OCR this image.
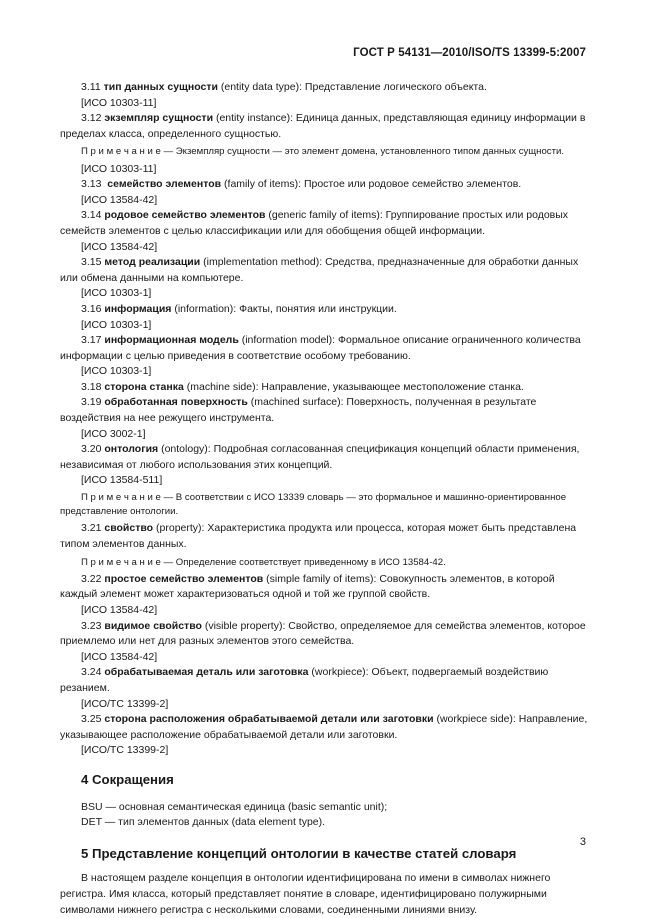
ГОСТ Р 54131—2010/ISO/TS 13399-5:2007

3.11 тип данных сущности (entity data type): Представление логического объекта.

[ИСО 10303-11]

3.12 экземпляр сущности (entity instance): Единица данных, представляющая единицу информации в пределах класса, определенного сущностью.

П р и м е ч а н и е — Экземпляр сущности — это элемент домена, установленного типом данных сущности.

[ИСО 10303-11]

3.13 семейство элементов (family of items): Простое или родовое семейство элементов.

[ИСО 13584-42]

3.14 родовое семейство элементов (generic family of items): Группирование простых или родовых семейств элементов с целью классификации или для обобщения общей информации.

[ИСО 13584-42]

3.15 метод реализации (implementation method): Средства, предназначенные для обработки данных или обмена данными на компьютере.

[ИСО 10303-1]

3.16 информация (information): Факты, понятия или инструкции.

[ИСО 10303-1]

3.17 информационная модель (information model): Формальное описание ограниченного количества информации с целью приведения в соответствие особому требованию.

[ИСО 10303-1]

3.18 сторона станка (machine side): Направление, указывающее местоположение станка.

3.19 обработанная поверхность (machined surface): Поверхность, полученная в результате воздействия на нее режущего инструмента.

[ИСО 3002-1]

3.20 онтология (ontology): Подробная согласованная спецификация концепций области применения, независимая от любого использования этих концепций.

[ИСО 13584-511]

П р и м е ч а н и е — В соответствии с ИСО 13339 словарь — это формальное и машинно-ориентированное представление онтологии.

3.21 свойство (property): Характеристика продукта или процесса, которая может быть представлена типом элементов данных.

П р и м е ч а н и е — Определение соответствует приведенному в ИСО 13584-42.

3.22 простое семейство элементов (simple family of items): Совокупность элементов, в которой каждый элемент может характеризоваться одной и той же группой свойств.

[ИСО 13584-42]

3.23 видимое свойство (visible property): Свойство, определяемое для семейства элементов, которое приемлемо или нет для разных элементов этого семейства.

[ИСО 13584-42]

3.24 обрабатываемая деталь или заготовка (workpiece): Объект, подвергаемый воздействию резанием.

[ИСО/ТС 13399-2]

3.25 сторона расположения обрабатываемой детали или заготовки (workpiece side): Направление, указывающее расположение обрабатываемой детали или заготовки.

[ИСО/ТС 13399-2]

4 Сокращения

BSU — основная семантическая единица (basic semantic unit);

DET — тип элементов данных (data element type).

5 Представление концепций онтологии в качестве статей словаря

В настоящем разделе концепция в онтологии идентифицирована по имени в символах нижнего регистра. Имя класса, который представляет понятие в словаре, идентифицировано полужирными символами нижнего регистра с несколькими словами, соединенными линиями внизу.

3
